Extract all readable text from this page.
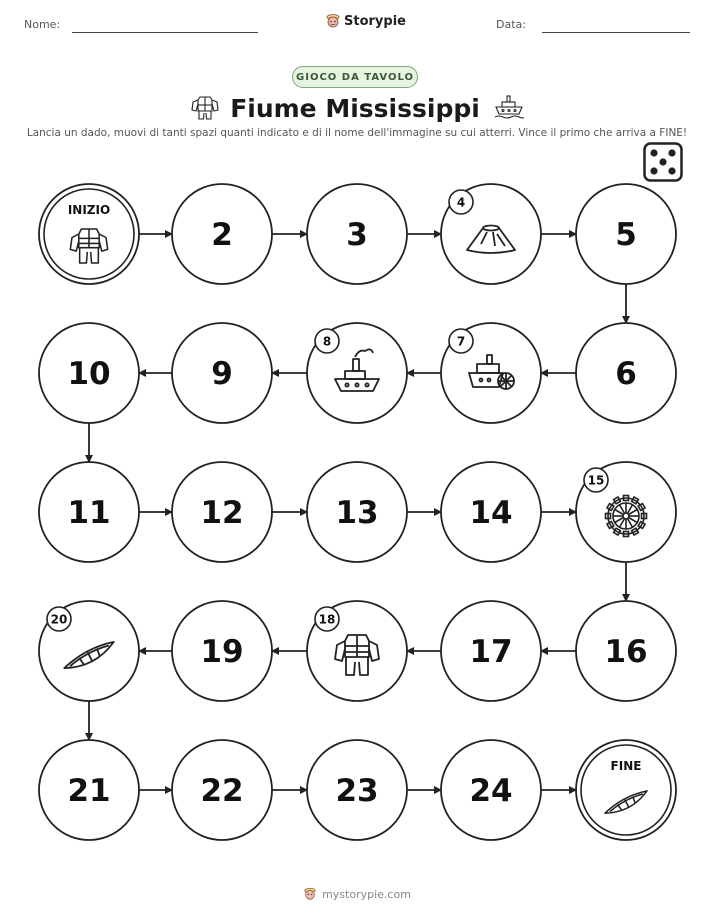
Nome:	Storypie	Data:
GIOCO DA TAVOLO
Fiume Mississippi
Lancia un dado, muovi di tanti spazi quanti indicato e di il nome dell'immagine su cui atterri. Vince il primo che arriva a FINE!
INIZIO
2	3
4
5
6
7
8
9
10
11	12	13	14
15
16
17
18
19
20
21	22	23	24
FINE
mystorypie.com
